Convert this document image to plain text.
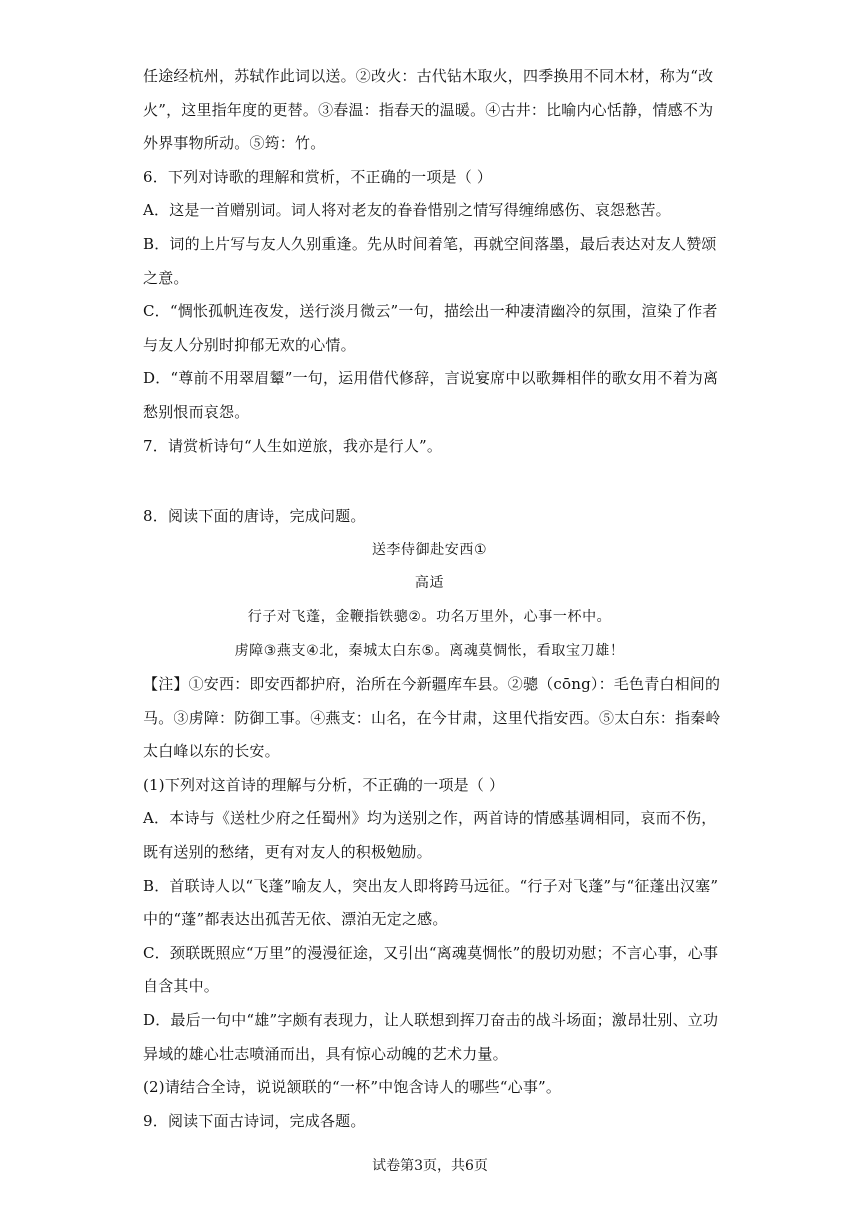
任途经杭州，苏轼作此词以送。②改火：古代钻木取火，四季换用不同木材，称为“改
火”，这里指年度的更替。③春温：指春天的温暖。④古井：比喻内心恬静，情感不为
外界事物所动。⑤筠：竹。
6．下列对诗歌的理解和赏析，不正确的一项是（ ）
A．这是一首赠别词。词人将对老友的眷眷惜别之情写得缠绵感伤、哀怨愁苦。
B．词的上片写与友人久别重逢。先从时间着笔，再就空间落墨，最后表达对友人赞颂
之意。
C．“惆怅孤帆连夜发，送行淡月微云”一句，描绘出一种凄清幽冷的氛围，渲染了作者
与友人分别时抑郁无欢的心情。
D．“尊前不用翠眉颦”一句，运用借代修辞，言说宴席中以歌舞相伴的歌女用不着为离
愁别恨而哀怨。
7．请赏析诗句“人生如逆旅，我亦是行人”。
8．阅读下面的唐诗，完成问题。
送李侍御赴安西①
高适
行子对飞蓬，金鞭指铁骢②。功名万里外，心事一杯中。
虏障③燕支④北，秦城太白东⑤。离魂莫惆怅，看取宝刀雄！
【注】①安西：即安西都护府，治所在今新疆库车县。②骢（cōng）：毛色青白相间的
马。③虏障：防御工事。④燕支：山名，在今甘肃，这里代指安西。⑤太白东：指秦岭
太白峰以东的长安。
(1)下列对这首诗的理解与分析，不正确的一项是（ ）
A．本诗与《送杜少府之任蜀州》均为送别之作，两首诗的情感基调相同，哀而不伤，
既有送别的愁绪，更有对友人的积极勉励。
B．首联诗人以“飞蓬”喻友人，突出友人即将跨马远征。“行子对飞蓬”与“征蓬出汉塞”
中的“蓬”都表达出孤苦无依、漂泊无定之感。
C．颈联既照应“万里”的漫漫征途，又引出“离魂莫惆怅”的殷切劝慰；不言心事，心事
自含其中。
D．最后一句中“雄”字颇有表现力，让人联想到挥刀奋击的战斗场面；激昂壮别、立功
异域的雄心壮志喷涌而出，具有惊心动魄的艺术力量。
(2)请结合全诗，说说颔联的“一杯”中饱含诗人的哪些“心事”。
9．阅读下面古诗词，完成各题。
试卷第3页，共6页
